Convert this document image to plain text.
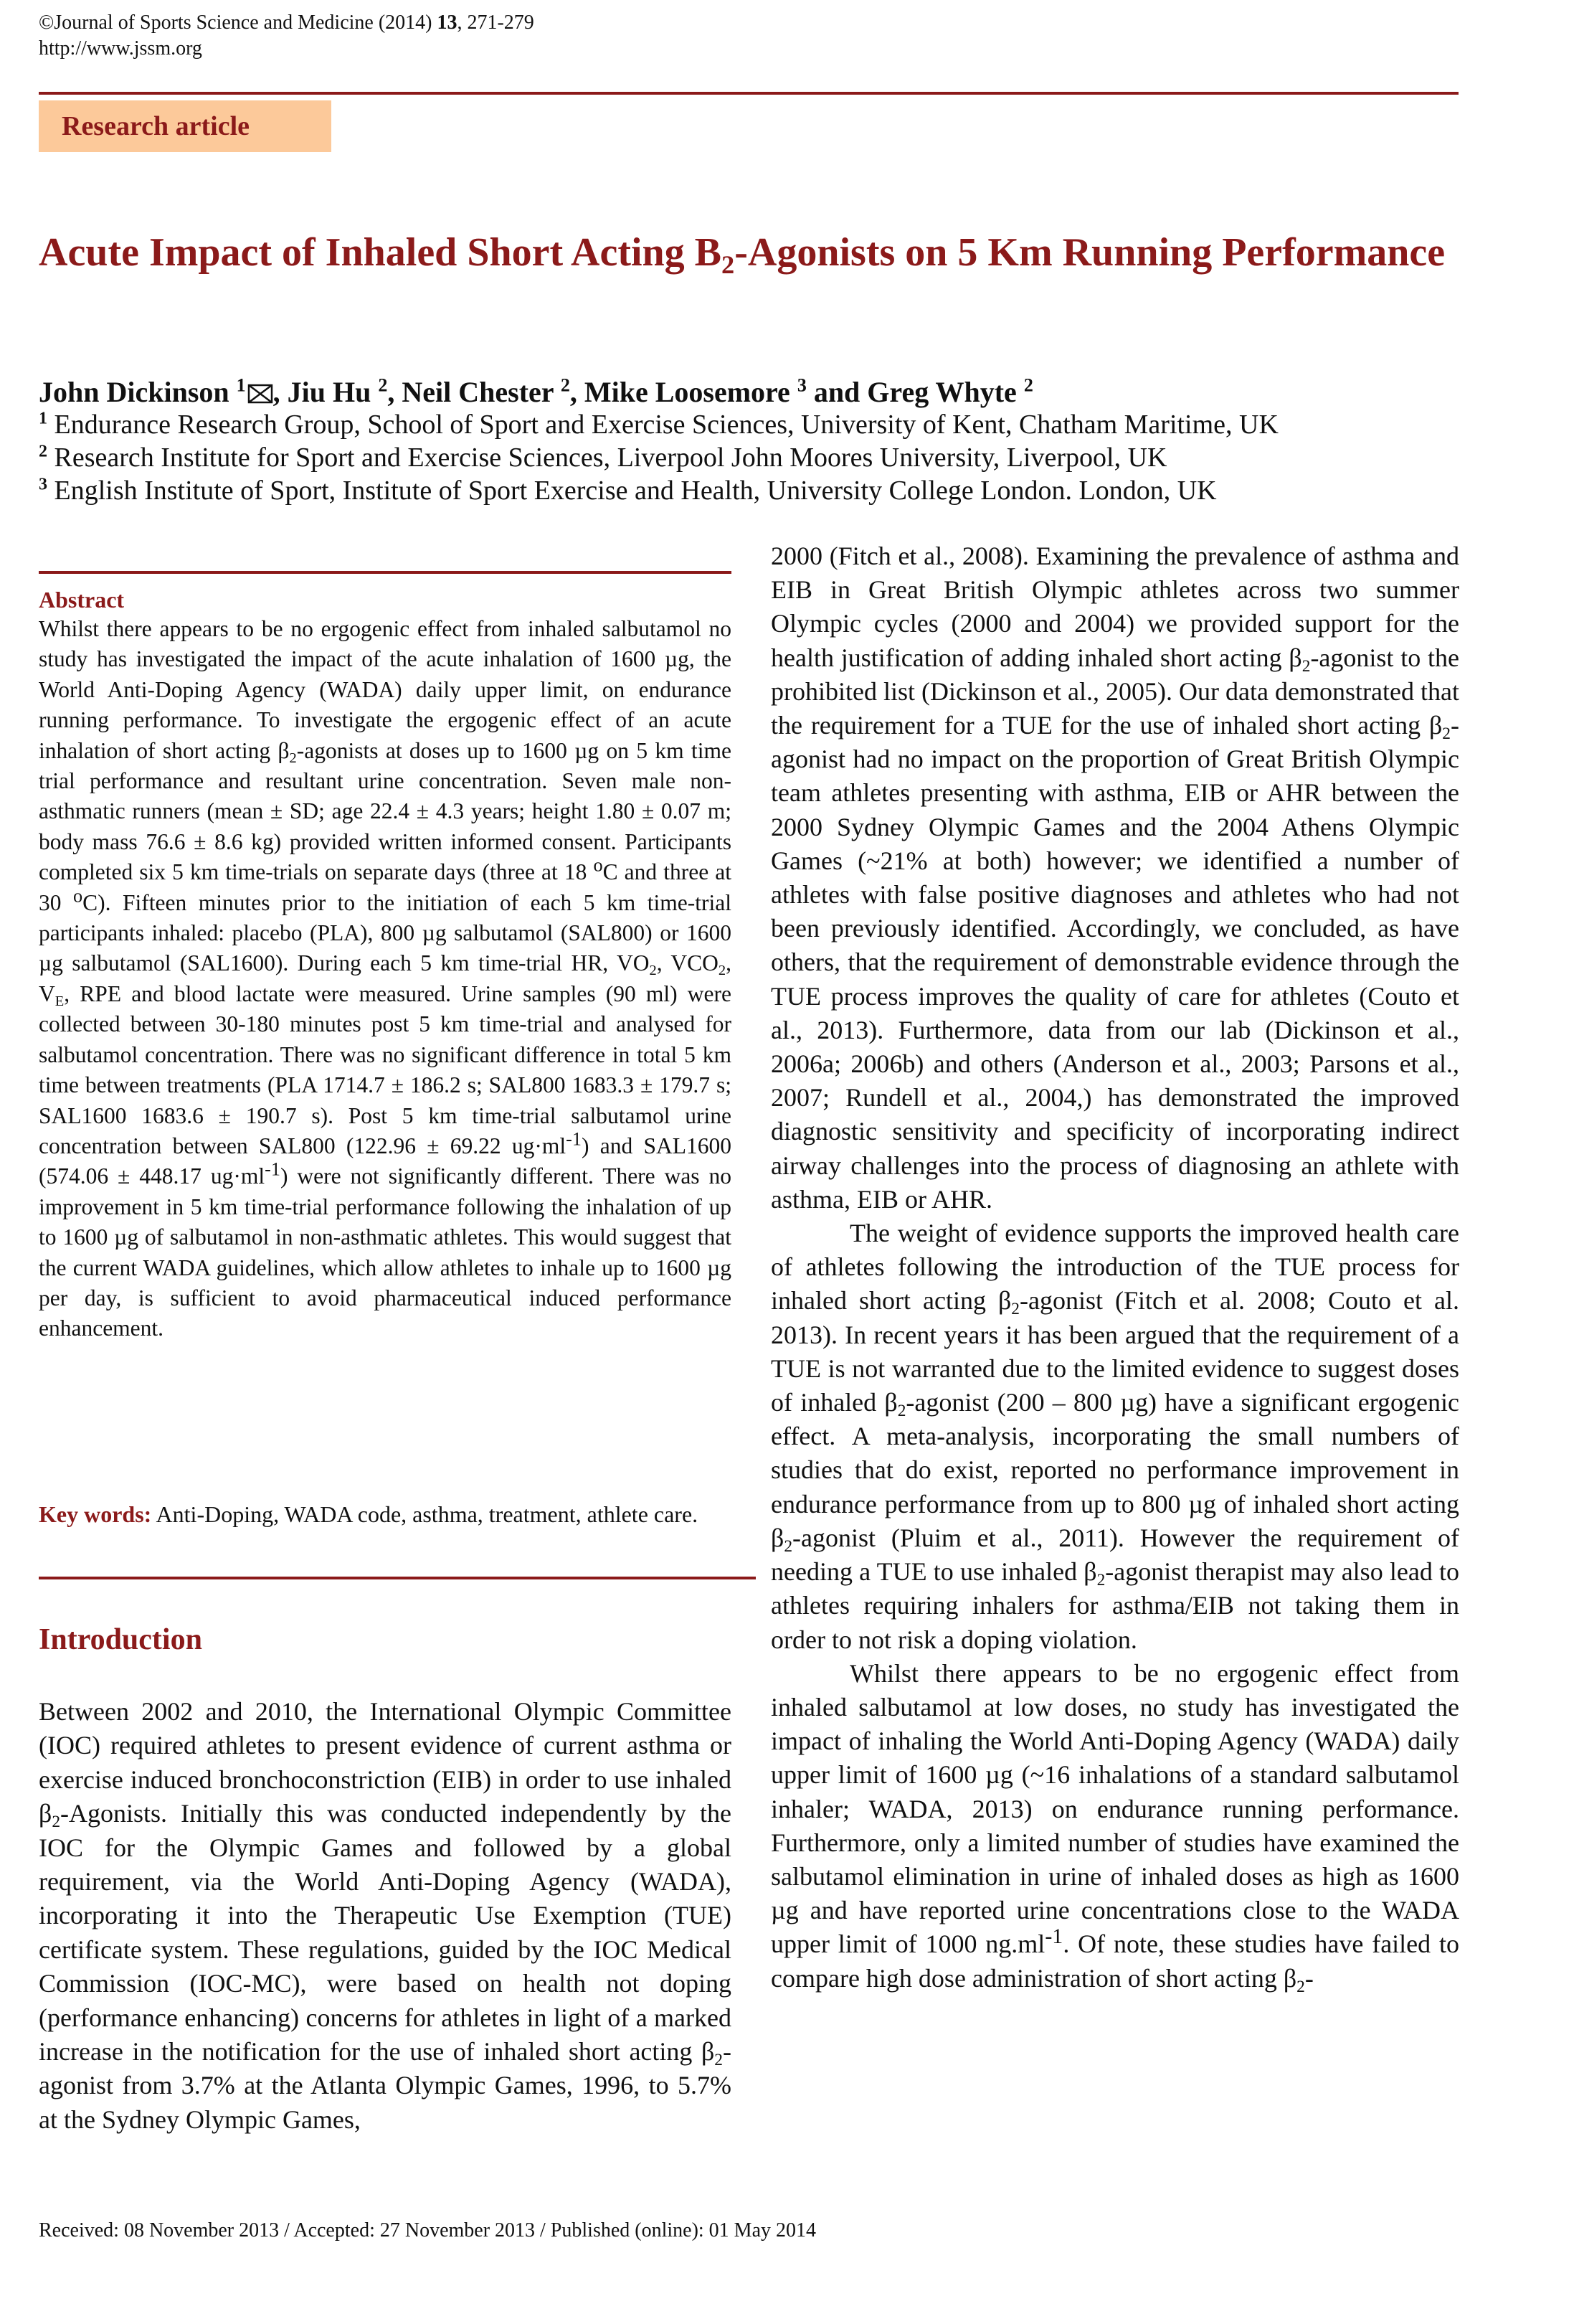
©Journal of Sports Science and Medicine (2014) 13, 271-279
http://www.jssm.org
Research article
Acute Impact of Inhaled Short Acting $B_2$-Agonists on 5 Km Running Performance
John Dickinson $^1$ , Jiu Hu $^2$, Neil Chester $^2$, Mike Loosemore $^3$ and Greg Whyte $^2$
$^1$ Endurance Research Group, School of Sport and Exercise Sciences, University of Kent, Chatham Maritime, UK
$^2$ Research Institute for Sport and Exercise Sciences, Liverpool John Moores University, Liverpool, UK
$^3$ English Institute of Sport, Institute of Sport Exercise and Health, University College London. London, UK
Abstract
Whilst there appears to be no ergogenic effect from inhaled salbutamol no study has investigated the impact of the acute inhalation of 1600 µg, the World Anti-Doping Agency (WADA) daily upper limit, on endurance running performance. To investigate the ergogenic effect of an acute inhalation of short acting $\beta_2$-agonists at doses up to 1600 µg on 5 km time trial performance and resultant urine concentration. Seven male non-asthmatic runners (mean ± SD; age 22.4 ± 4.3 years; height 1.80 ± 0.07 m; body mass 76.6 ± 8.6 kg) provided written informed consent. Participants completed six 5 km time-trials on separate days (three at 18 $^o$C and three at 30 $^o$C). Fifteen minutes prior to the initiation of each 5 km time-trial participants inhaled: placebo (PLA), 800 µg salbutamol (SAL800) or 1600 µg salbutamol (SAL1600). During each 5 km time-trial HR, $VO_2$, $VCO_2$, $V_E$, RPE and blood lactate were measured. Urine samples (90 ml) were collected between 30-180 minutes post 5 km time-trial and analysed for salbutamol concentration. There was no significant difference in total 5 km time between treatments (PLA 1714.7 ± 186.2 s; SAL800 1683.3 ± 179.7 s; SAL1600 1683.6 ± 190.7 s). Post 5 km time-trial salbutamol urine concentration between SAL800 (122.96 ± 69.22 $ug\cdot ml^{-1}$) and SAL1600 (574.06 ± 448.17 $ug\cdot ml^{-1}$) were not significantly different. There was no improvement in 5 km time-trial performance following the inhalation of up to 1600 µg of salbutamol in non-asthmatic athletes. This would suggest that the current WADA guidelines, which allow athletes to inhale up to 1600 µg per day, is sufficient to avoid pharmaceutical induced performance enhancement.
Key words: Anti-Doping, WADA code, asthma, treatment, athlete care.
Introduction
Between 2002 and 2010, the International Olympic Committee (IOC) required athletes to present evidence of current asthma or exercise induced bronchoconstriction (EIB) in order to use inhaled $\beta_2$-Agonists. Initially this was conducted independently by the IOC for the Olympic Games and followed by a global requirement, via the World Anti-Doping Agency (WADA), incorporating it into the Therapeutic Use Exemption (TUE) certificate system. These regulations, guided by the IOC Medical Commission (IOC-MC), were based on health not doping (performance enhancing) concerns for athletes in light of a marked increase in the notification for the use of inhaled short acting $\beta_2$-agonist from 3.7% at the Atlanta Olympic Games, 1996, to 5.7% at the Sydney Olympic Games,

2000 (Fitch et al., 2008). Examining the prevalence of asthma and EIB in Great British Olympic athletes across two summer Olympic cycles (2000 and 2004) we provided support for the health justification of adding inhaled short acting $\beta_2$-agonist to the prohibited list (Dickinson et al., 2005). Our data demonstrated that the requirement for a TUE for the use of inhaled short acting $\beta_2$-agonist had no impact on the proportion of Great British Olympic team athletes presenting with asthma, EIB or AHR between the 2000 Sydney Olympic Games and the 2004 Athens Olympic Games (~21% at both) however; we identified a number of athletes with false positive diagnoses and athletes who had not been previously identified. Accordingly, we concluded, as have others, that the requirement of demonstrable evidence through the TUE process improves the quality of care for athletes (Couto et al., 2013). Furthermore, data from our lab (Dickinson et al., 2006a; 2006b) and others (Anderson et al., 2003; Parsons et al., 2007; Rundell et al., 2004,) has demonstrated the improved diagnostic sensitivity and specificity of incorporating indirect airway challenges into the process of diagnosing an athlete with asthma, EIB or AHR.

The weight of evidence supports the improved health care of athletes following the introduction of the TUE process for inhaled short acting $\beta_2$-agonist (Fitch et al. 2008; Couto et al. 2013). In recent years it has been argued that the requirement of a TUE is not warranted due to the limited evidence to suggest doses of inhaled $\beta_2$-agonist (200 – 800 µg) have a significant ergogenic effect. A meta-analysis, incorporating the small numbers of studies that do exist, reported no performance improvement in endurance performance from up to 800 µg of inhaled short acting $\beta_2$-agonist (Pluim et al., 2011). However the requirement of needing a TUE to use inhaled $\beta_2$-agonist therapist may also lead to athletes requiring inhalers for asthma/EIB not taking them in order to not risk a doping violation.

Whilst there appears to be no ergogenic effect from inhaled salbutamol at low doses, no study has investigated the impact of inhaling the World Anti-Doping Agency (WADA) daily upper limit of 1600 µg (~16 inhalations of a standard salbutamol inhaler; WADA, 2013) on endurance running performance. Furthermore, only a limited number of studies have examined the salbutamol elimination in urine of inhaled doses as high as 1600 µg and have reported urine concentrations close to the WADA upper limit of 1000 $ng.ml^{-1}$. Of note, these studies have failed to compare high dose administration of short acting $\beta_2-$

Received: 08 November 2013 / Accepted: 27 November 2013 / Published (online): 01 May 2014
